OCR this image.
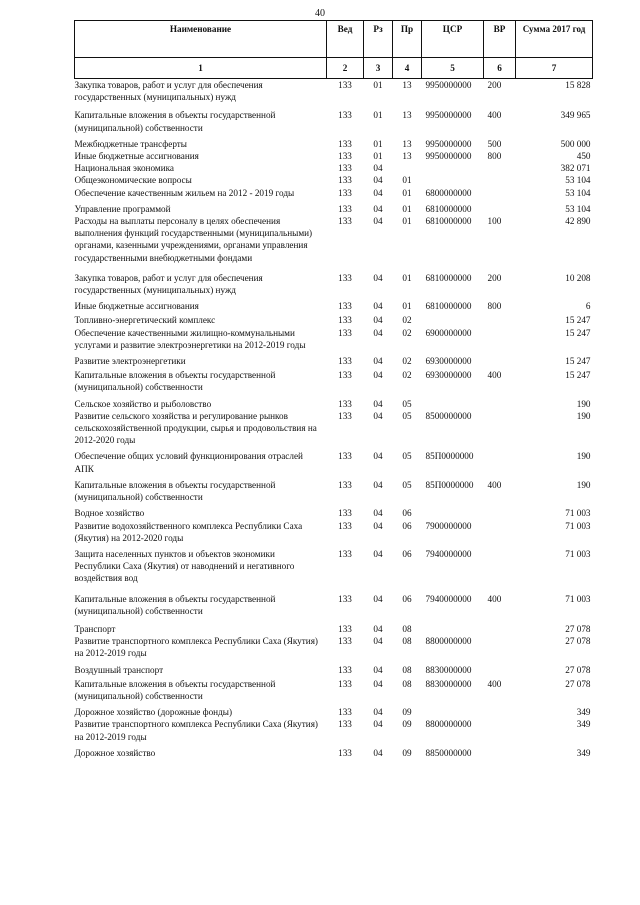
40
Наименование	Вед	Рз	Пр	ЦСР	ВР	Сумма 2017 год
1	2	3	4	5	6	7
Закупка товаров, работ и услуг для обеспечения государственных (муниципальных) нужд	133	01	13	9950000000	200	15 828
Капитальные вложения в объекты государственной (муниципальной) собственности	133	01	13	9950000000	400	349 965
Межбюджетные трансферты	133	01	13	9950000000	500	500 000
Иные бюджетные ассигнования	133	01	13	9950000000	800	450
Национальная экономика	133	04				382 071
Общеэкономические вопросы	133	04	01			53 104
Обеспечение качественным жильем на 2012 - 2019 годы	133	04	01	6800000000		53 104
Управление программой	133	04	01	6810000000		53 104
Расходы на выплаты персоналу в целях обеспечения выполнения функций государственными (муниципальными) органами, казенными учреждениями, органами управления государственными внебюджетными фондами	133	04	01	6810000000	100	42 890
Закупка товаров, работ и услуг для обеспечения государственных (муниципальных) нужд	133	04	01	6810000000	200	10 208
Иные бюджетные ассигнования	133	04	01	6810000000	800	6
Топливно-энергетический комплекс	133	04	02			15 247
Обеспечение качественными жилищно-коммунальными услугами и развитие электроэнергетики на 2012-2019 годы	133	04	02	6900000000		15 247
Развитие электроэнергетики	133	04	02	6930000000		15 247
Капитальные вложения в объекты государственной (муниципальной) собственности	133	04	02	6930000000	400	15 247
Сельское хозяйство и рыболовство	133	04	05			190
Развитие сельского хозяйства и регулирование рынков сельскохозяйственной продукции, сырья и продовольствия на 2012-2020 годы	133	04	05	8500000000		190
Обеспечение общих условий функционирования отраслей АПК	133	04	05	85П0000000		190
Капитальные вложения в объекты государственной (муниципальной) собственности	133	04	05	85П0000000	400	190
Водное хозяйство	133	04	06			71 003
Развитие водохозяйственного комплекса Республики Саха (Якутия) на 2012-2020 годы	133	04	06	7900000000		71 003
Защита населенных пунктов и объектов экономики Республики Саха (Якутия) от наводнений и негативного воздействия вод	133	04	06	7940000000		71 003
Капитальные вложения в объекты государственной (муниципальной) собственности	133	04	06	7940000000	400	71 003
Транспорт	133	04	08			27 078
Развитие транспортного комплекса Республики Саха (Якутия) на 2012-2019 годы	133	04	08	8800000000		27 078
Воздушный транспорт	133	04	08	8830000000		27 078
Капитальные вложения в объекты государственной (муниципальной) собственности	133	04	08	8830000000	400	27 078
Дорожное хозяйство (дорожные фонды)	133	04	09			349
Развитие транспортного комплекса Республики Саха (Якутия) на 2012-2019 годы	133	04	09	8800000000		349
Дорожное хозяйство	133	04	09	8850000000		349
